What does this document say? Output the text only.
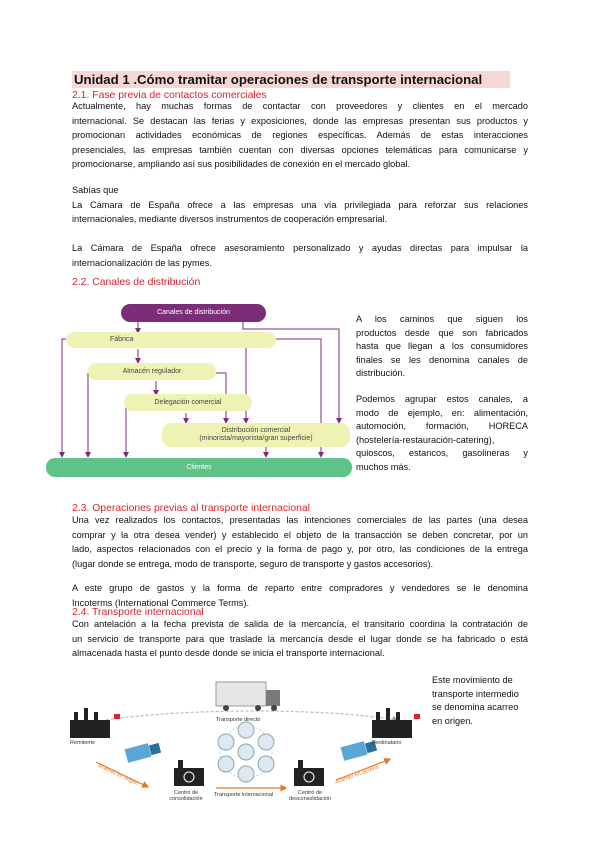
Unidad 1 .Cómo tramitar operaciones de transporte internacional
2.1. Fase previa de contactos comerciales
Actualmente, hay muchas formas de contactar con proveedores y clientes en el mercado
internacional. Se destacan las ferias y exposiciones, donde las empresas presentan sus productos y
promocionan actividades económicas de regiones específicas. Además de estas interacciones
presenciales, las empresas también cuentan con diversas opciones telemáticas para comunicarse y
promocionarse, ampliando así sus posibilidades de conexión en el mercado global.
Sabías que
La Cámara de España ofrece a las empresas una vía privilegiada para reforzar sus relaciones
internacionales, mediante diversos instrumentos de cooperación empresarial.
La Cámara de España ofrece asesoramiento personalizado y ayudas directas para impulsar la
internacionalización de las pymes.
2.2. Canales de distribución
Canales de distribución
Fábrica
Almacén regulador
Delegación comercial
Distribución comercial
(minorista/mayorista/gran superficie)
Clientes
A los caminos que siguen los
productos desde que son fabricados
hasta que llegan a los consumidores
finales se les denomina canales de
distribución.
Podemos agrupar estos canales, a
modo de ejemplo, en: alimentación,
automoción, formación, HORECA
(hostelería-restauración-catering),
quioscos, estancos, gasolineras y
muchos más.
2.3. Operaciones previas al transporte internacional
Una vez realizados los contactos, presentadas las intenciones comerciales de las partes (una desea
comprar y la otra desea vender) y establecido el objeto de la transacción se deben concretar, por un
lado, aspectos relacionados con el precio y la forma de pago y, por otro, las condiciones de la entrega
(lugar donde se entrega, modo de transporte, seguro de transporte y gastos accesorios).
A este grupo de gastos y la forma de reparto entre compradores y vendedores se le denomina
Incoterms (International Commerce Terms).
2.4. Transporte internacional
Con antelación a la fecha prevista de salida de la mercancía, el transitario coordina la contratación de
un servicio de transporte para que traslade la mercancía desde el lugar donde se ha fabricado o está
almacenada hasta el punto desde donde se inicia el transporte internacional.
Este movimiento de
transporte intermedio
se denomina acarreo
en origen.
Transporte directo
Remitente	Destinatario
Acarreo en origen	Acarreo en destino
Centro de
consolidación
Centro de
desconsolidación
Transporte internacional
